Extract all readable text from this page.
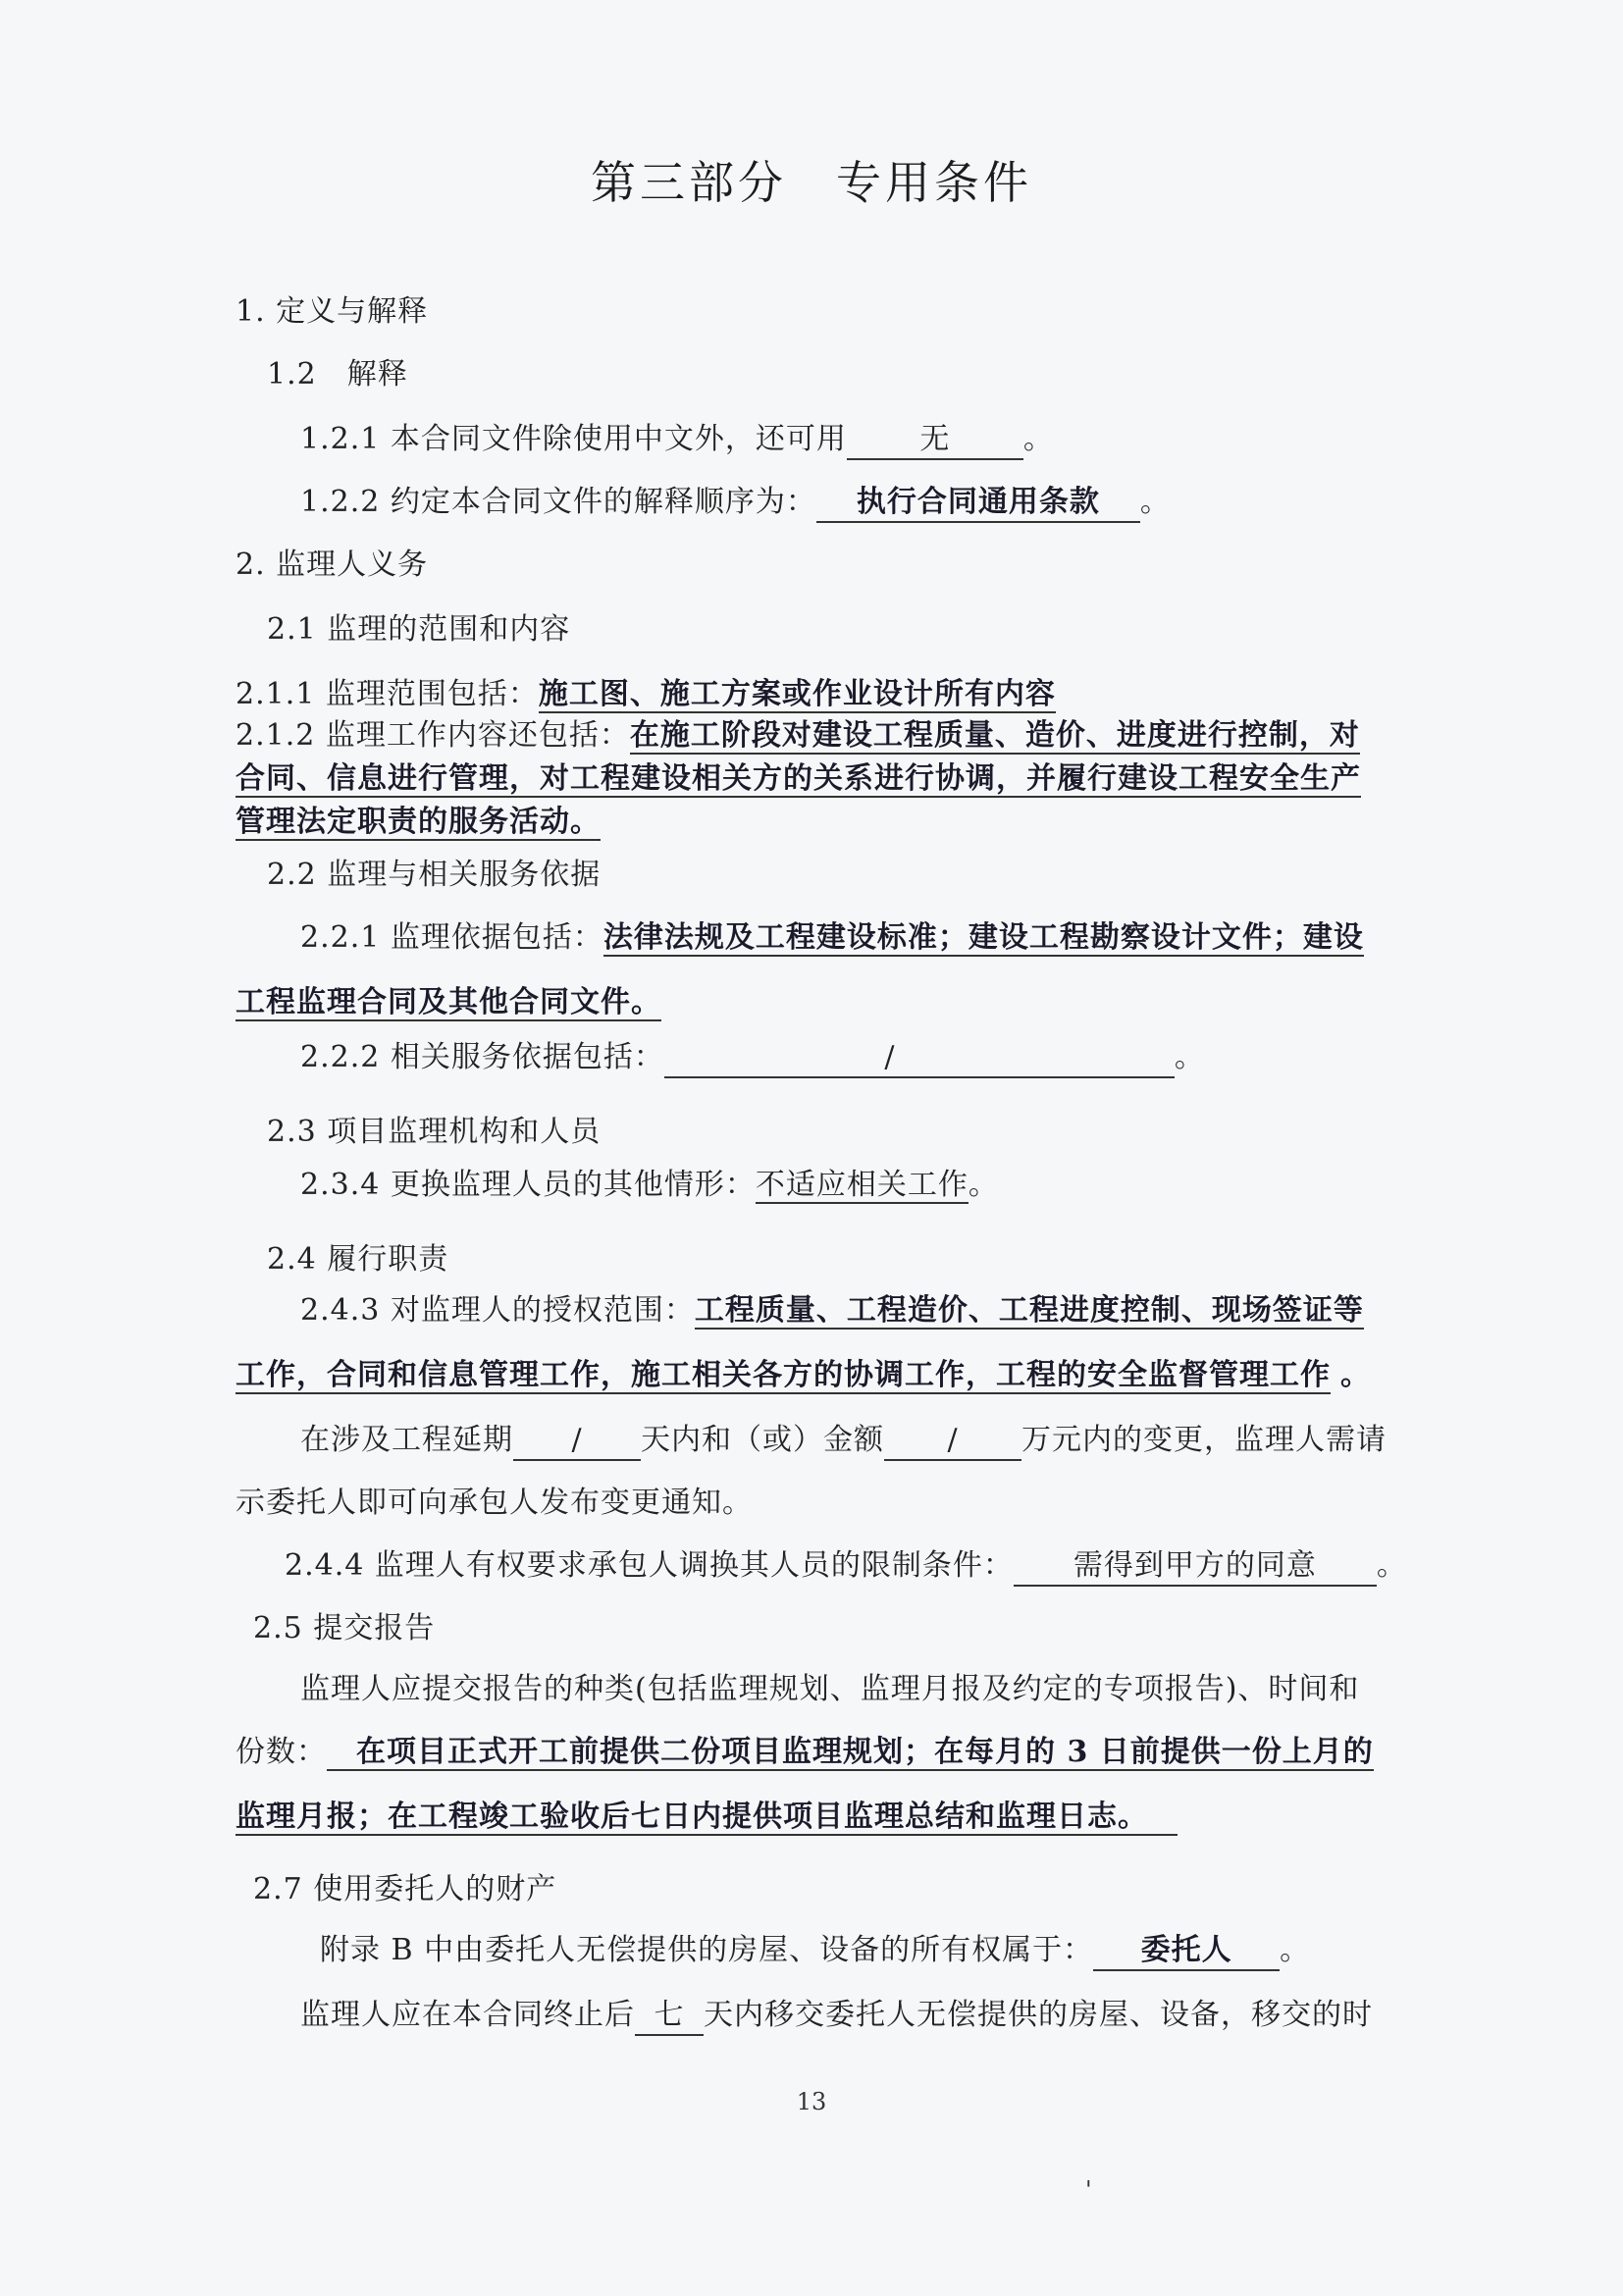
第三部分　专用条件
1. 定义与解释
1.2　解释
1.2.1 本合同文件除使用中文外，还可用 无 。
1.2.2 约定本合同文件的解释顺序为： 执行合同通用条款 。
2. 监理人义务
2.1 监理的范围和内容
2.1.1 监理范围包括：施工图、施工方案或作业设计所有内容
2.1.2 监理工作内容还包括：在施工阶段对建设工程质量、造价、进度进行控制，对
合同、信息进行管理，对工程建设相关方的关系进行协调，并履行建设工程安全生产
管理法定职责的服务活动。
2.2 监理与相关服务依据
2.2.1 监理依据包括：法律法规及工程建设标准；建设工程勘察设计文件；建设
工程监理合同及其他合同文件。
2.2.2 相关服务依据包括：	/	。
2.3 项目监理机构和人员
2.3.4 更换监理人员的其他情形：不适应相关工作。
2.4 履行职责
2.4.3 对监理人的授权范围：工程质量、工程造价、工程进度控制、现场签证等
工作，合同和信息管理工作，施工相关各方的协调工作，工程的安全监督管理工作 。
在涉及工程延期 / 天内和（或）金额 / 万元内的变更，监理人需请
示委托人即可向承包人发布变更通知。
2.4.4 监理人有权要求承包人调换其人员的限制条件： 需得到甲方的同意 。
2.5 提交报告
监理人应提交报告的种类(包括监理规划、监理月报及约定的专项报告)、时间和
份数： 在项目正式开工前提供二份项目监理规划；在每月的 3 日前提供一份上月的
监理月报；在工程竣工验收后七日内提供项目监理总结和监理日志。
2.7 使用委托人的财产
附录 B 中由委托人无偿提供的房屋、设备的所有权属于： 委托人 。
监理人应在本合同终止后 七 天内移交委托人无偿提供的房屋、设备，移交的时
13
'
